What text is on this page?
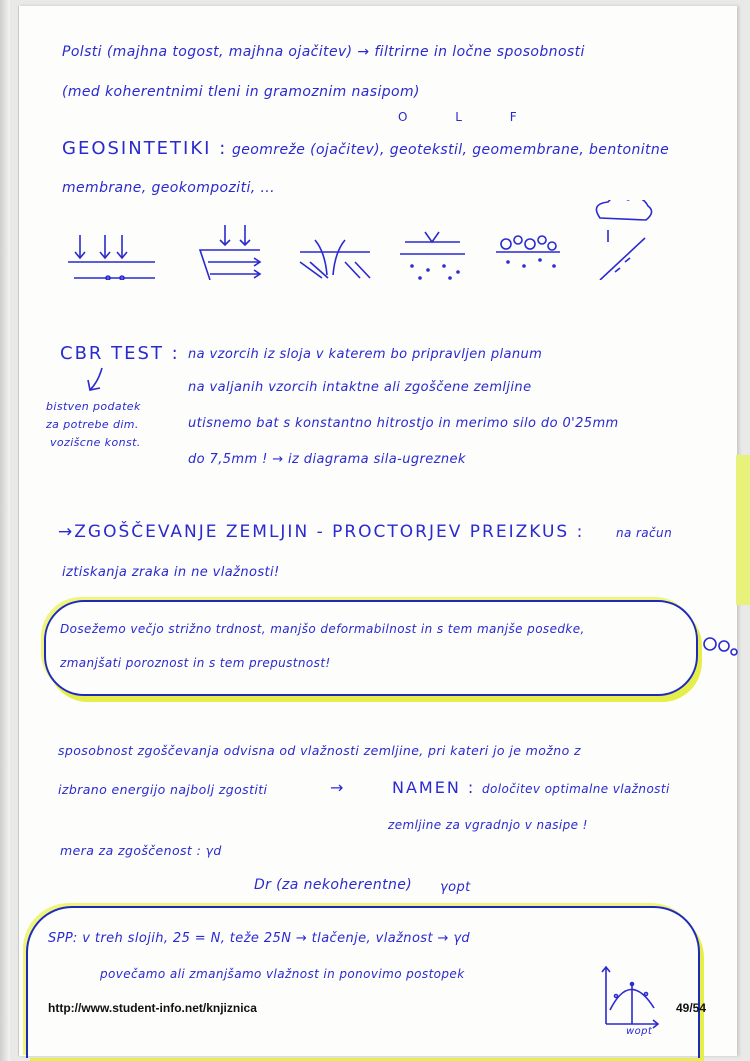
Polsti (majhna togost, majhna ojačitev) → filtrirne in ločne sposobnosti
(med koherentnimi tleni in gramoznim nasipom)
O L F
GEOSINTETIKI : geomreže (ojačitev), geotekstil, geomembrane, bentonitne
membrane, geokompoziti, ...
CBR TEST :
bistven podatek
za potrebe dim.
vozišcne konst.
na vzorcih iz sloja v katerem bo pripravljen planum
na valjanih vzorcih intaktne ali zgoščene zemljine
utisnemo bat s konstantno hitrostjo in merimo silo do 0'25mm
do 7,5mm ! → iz diagrama sila-ugreznek
→ZGOŠČEVANJE ZEMLJIN - PROCTORJEV PREIZKUS :	na račun
iztiskanja zraka in ne vlažnosti!
Dosežemo večjo strižno trdnost, manjšo deformabilnost in s tem manjše posedke,
zmanjšati poroznost in s tem prepustnost!
sposobnost zgoščevanja odvisna od vlažnosti zemljine, pri kateri jo je možno z
izbrano energijo najbolj zgostiti	→	NAMEN : določitev optimalne vlažnosti
zemljine za vgradnjo v nasipe !
mera za zgoščenost : γd
Dr (za nekoherentne) γopt
SPP: v treh slojih, 25 = N, teže 25N → tlačenje, vlažnost → γd
povečamo ali zmanjšamo vlažnost in ponovimo postopek
wopt
http://www.student-info.net/knjiznica	49/54
